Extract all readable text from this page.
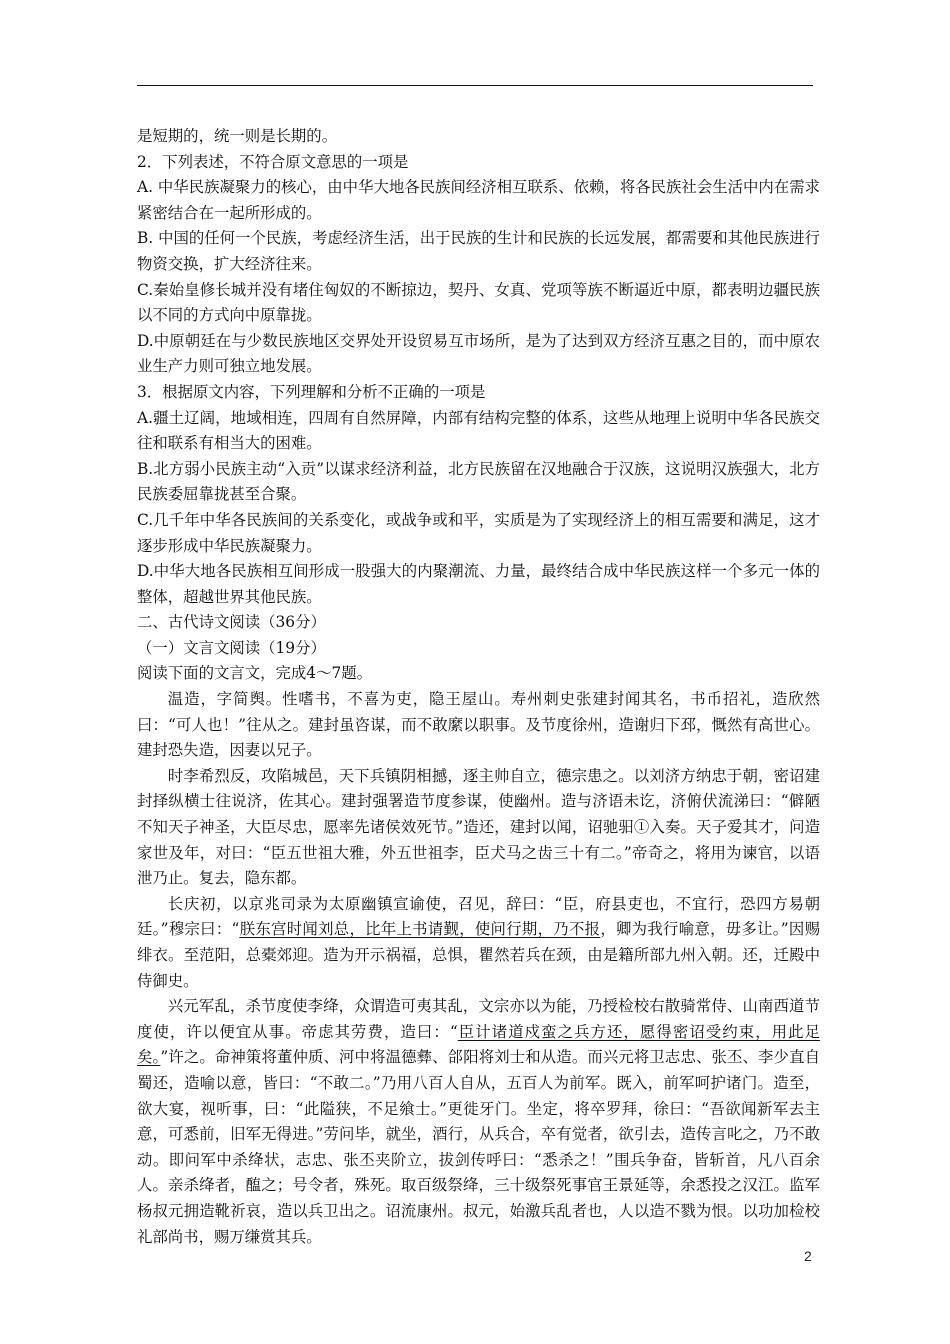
是短期的，统一则是长期的。

2．下列表述，不符合原文意思的一项是

A. 中华民族凝聚力的核心，由中华大地各民族间经济相互联系、依赖，将各民族社会生活中内在需求紧密结合在一起所形成的。

B. 中国的任何一个民族，考虑经济生活，出于民族的生计和民族的长远发展，都需要和其他民族进行物资交换，扩大经济往来。

C.秦始皇修长城并没有堵住匈奴的不断掠边，契丹、女真、党项等族不断逼近中原，都表明边疆民族以不同的方式向中原靠拢。

D.中原朝廷在与少数民族地区交界处开设贸易互市场所，是为了达到双方经济互惠之目的，而中原农业生产力则可独立地发展。

3．根据原文内容，下列理解和分析不正确的一项是

A.疆土辽阔，地域相连，四周有自然屏障，内部有结构完整的体系，这些从地理上说明中华各民族交往和联系有相当大的困难。

B.北方弱小民族主动“入贡”以谋求经济利益，北方民族留在汉地融合于汉族，这说明汉族强大，北方民族委屈靠拢甚至合聚。

C.几千年中华各民族间的关系变化，或战争或和平，实质是为了实现经济上的相互需要和满足，这才逐步形成中华民族凝聚力。

D.中华大地各民族相互间形成一股强大的内聚潮流、力量，最终结合成中华民族这样一个多元一体的整体，超越世界其他民族。

二、古代诗文阅读（36分）

（一）文言文阅读（19分）

阅读下面的文言文，完成4～7题。

温造，字简舆。性嗜书，不喜为吏，隐王屋山。寿州刺史张建封闻其名，书币招礼，造欣然曰：“可人也！”往从之。建封虽咨谋，而不敢縻以职事。及节度徐州，造谢归下邳，慨然有高世心。建封恐失造，因妻以兄子。

时李希烈反，攻陷城邑，天下兵镇阴相撼，逐主帅自立，德宗患之。以刘济方纳忠于朝，密诏建封择纵横士往说济，佐其心。建封强署造节度参谋，使幽州。造与济语未讫，济俯伏流涕曰：“僻陋不知天子神圣，大臣尽忠，愿率先诸侯效死节。”造还，建封以闻，诏驰驲①入奏。天子爱其才，问造家世及年，对曰：“臣五世祖大雅，外五世祖李，臣犬马之齿三十有二。”帝奇之，将用为谏官，以语泄乃止。复去，隐东都。

长庆初，以京兆司录为太原幽镇宣谕使，召见，辞曰：“臣，府县吏也，不宜行，恐四方易朝廷。”穆宗曰：“朕东宫时闻刘总，比年上书请觐，使问行期，乃不报，卿为我行喻意，毋多让。”因赐绯衣。至范阳，总橐郊迎。造为开示祸福，总惧，瞿然若兵在颈，由是籍所部九州入朝。还，迁殿中侍御史。

兴元军乱，杀节度使李绛，众谓造可夷其乱，文宗亦以为能，乃授检校右散骑常侍、山南西道节度使，许以便宜从事。帝虑其劳费，造曰：“臣计诸道戍蛮之兵方还，愿得密诏受约束，用此足矣。”许之。命神策将董仲质、河中将温德彝、郃阳将刘士和从造。而兴元将卫志忠、张丕、李少直自蜀还，造喻以意，皆曰：“不敢二。”乃用八百人自从，五百人为前军。既入，前军呵护诸门。造至，欲大宴，视听事，曰：“此隘狭，不足飨士。”更徙牙门。坐定，将卒罗拜，徐曰：“吾欲闻新军去主意，可悉前，旧军无得进。”劳问毕，就坐，酒行，从兵合，卒有觉者，欲引去，造传言叱之，乃不敢动。即问军中杀绛状，志忠、张丕夹阶立，拔剑传呼曰：“悉杀之！”围兵争奋，皆斩首，凡八百余人。亲杀绛者，醢之；号令者，殊死。取百级祭绛，三十级祭死事官王景延等，余悉投之汉江。监军杨叔元拥造靴祈哀，造以兵卫出之。诏流康州。叔元，始激兵乱者也，人以造不戮为恨。以功加检校礼部尚书，赐万缣赏其兵。

2
